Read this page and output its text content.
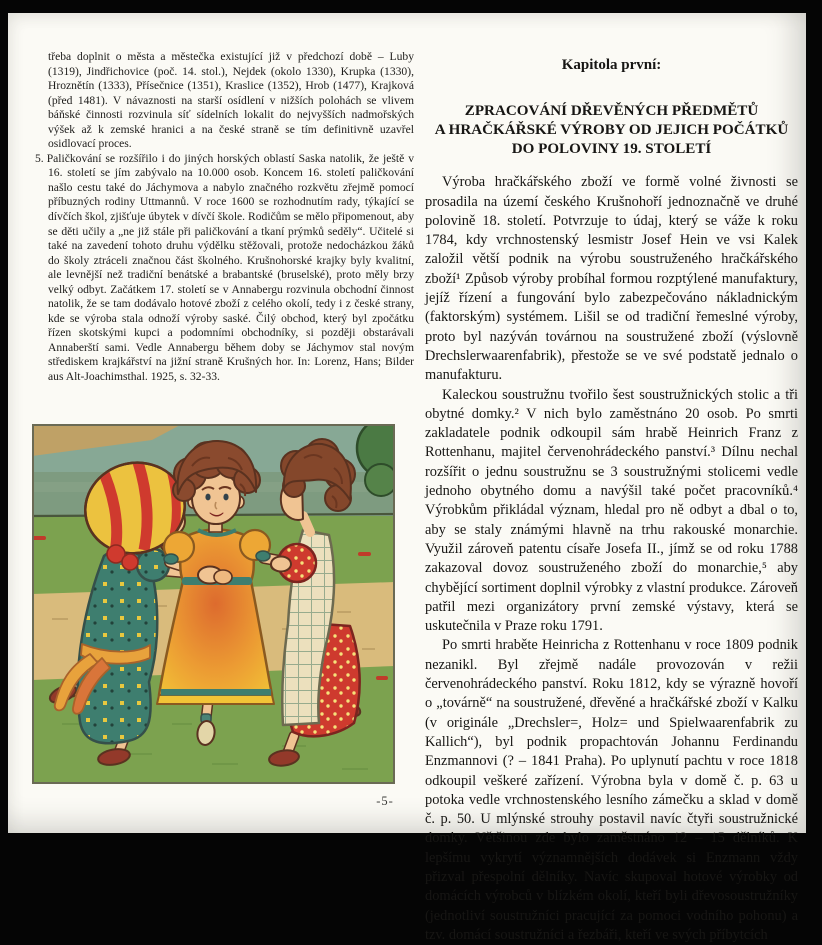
třeba doplnit o města a městečka existující již v předchozí době – Luby (1319), Jindřichovice (poč. 14. stol.), Nejdek (okolo 1330), Krupka (1330), Hroznětín (1333), Přísečnice (1351), Kraslice (1352), Hrob (1477), Krajková (před 1481). V návaznosti na starší osídlení v nižších polohách se vlivem báňské činnosti rozvinula síť sídelních lokalit do nejvyšších nadmořských výšek až k zemské hranici a na české straně se tím definitivně uzavřel osidlovací proces.
5. Paličkování se rozšířilo i do jiných horských oblastí Saska natolik, že ještě v 16. století se jím zabývalo na 10.000 osob. Koncem 16. století paličkování našlo cestu také do Jáchymova a nabylo značného rozkvětu zřejmě pomocí příbuzných rodiny Uttmannů. V roce 1600 se rozhodnutím rady, týkající se dívčích škol, zjišťuje úbytek v dívčí škole. Rodičům se mělo připomenout, aby se děti učily a „ne již stále při paličkování a tkaní prýmků seděly“. Učitelé si také na zavedení tohoto druhu výdělku stěžovali, protože nedocházkou žáků do školy ztráceli značnou část školného. Krušnohorské krajky byly kvalitní, ale levnější než tradiční benátské a brabantské (bruselské), proto měly brzy velký odbyt. Začátkem 17. století se v Annabergu rozvinula obchodní činnost natolik, že se tam dodávalo hotové zboží z celého okolí, tedy i z české strany, kde se výroba stala odnoží výroby saské. Čilý obchod, který byl zpočátku řízen skotskými kupci a podomními obchodníky, si později obstarávali Annaberští sami. Vedle Annabergu během doby se Jáchymov stal novým střediskem krajkářství na jižní straně Krušných hor. In: Lorenz, Hans; Bilder aus Alt-Joachimsthal. 1925, s. 32-33.
Kapitola první:
ZPRACOVÁNÍ DŘEVĚNÝCH PŘEDMĚTŮ
A HRAČKÁŘSKÉ VÝROBY OD JEJICH POČÁTKŮ
DO POLOVINY 19. STOLETÍ

Výroba hračkářského zboží ve formě volné živnosti se prosadila na území českého Krušnohoří jednoznačně ve druhé polovině 18. století. Potvrzuje to údaj, který se váže k roku 1784, kdy vrchnostenský lesmistr Josef Hein ve vsi Kalek založil větší podnik na výrobu soustruženého hračkářského zboží¹ Způsob výroby probíhal formou rozptýlené manufaktury, jejíž řízení a fungování bylo zabezpečováno nákladnickým (faktorským) systémem. Lišil se od tradiční řemeslné výroby, proto byl nazýván továrnou na soustružené zboží (výslovně Drechslerwaarenfabrik), přestože se ve své podstatě jednalo o manufakturu.

Kaleckou soustružnu tvořilo šest soustružnických stolic a tři obytné domky.² V nich bylo zaměstnáno 20 osob. Po smrti zakladatele podnik odkoupil sám hrabě Heinrich Franz z Rottenhanu, majitel červenohrádeckého panství.³ Dílnu nechal rozšířit o jednu soustružnu se 3 soustružnými stolicemi vedle jednoho obytného domu a navýšil také počet pracovníků.⁴ Výrobkům přikládal význam, hledal pro ně odbyt a dbal o to, aby se staly známými hlavně na trhu rakouské monarchie. Využil zároveň patentu císaře Josefa II., jímž se od roku 1788 zakazoval dovoz soustruženého zboží do monarchie,⁵ aby chybějící sortiment doplnil výrobky z vlastní produkce. Zároveň patřil mezi organizátory první zemské výstavy, která se uskutečnila v Praze roku 1791.

Po smrti hraběte Heinricha z Rottenhanu v roce 1809 podnik nezanikl. Byl zřejmě nadále provozován v režii červenohrádeckého panství. Roku 1812, kdy se výrazně hovoří o „továrně“ na soustružené, dřevěné a hračkářské zboží v Kalku (v originále „Drechsler=, Holz= und Spielwaarenfabrik zu Kallich“), byl podnik propachtován Johannu Ferdinandu Enzmannovi (? – 1841 Praha). Po uplynutí pachtu v roce 1818 odkoupil veškeré zařízení. Výrobna byla v domě č. p. 63 u potoka vedle vrchnostenského lesního zámečku a sklad v domě č. p. 50. U mlýnské strouhy postavil navíc čtyři soustružnické domky. Většinou zde bylo zaměstnáno 12 – 15 dělníků. K lepšímu vykrytí významnějších dodávek si Enzmann vždy přizval přespolní dělníky. Navíc skupoval hotové výrobky od domácích výrobců v blízkém okolí, kteří byli dřevosoustružníky (jednotliví soustružníci pracující za pomoci vodního pohonu) a tzv. domácí soustružníci a řezbáři, kteří ve svých příbytcích

-5-
